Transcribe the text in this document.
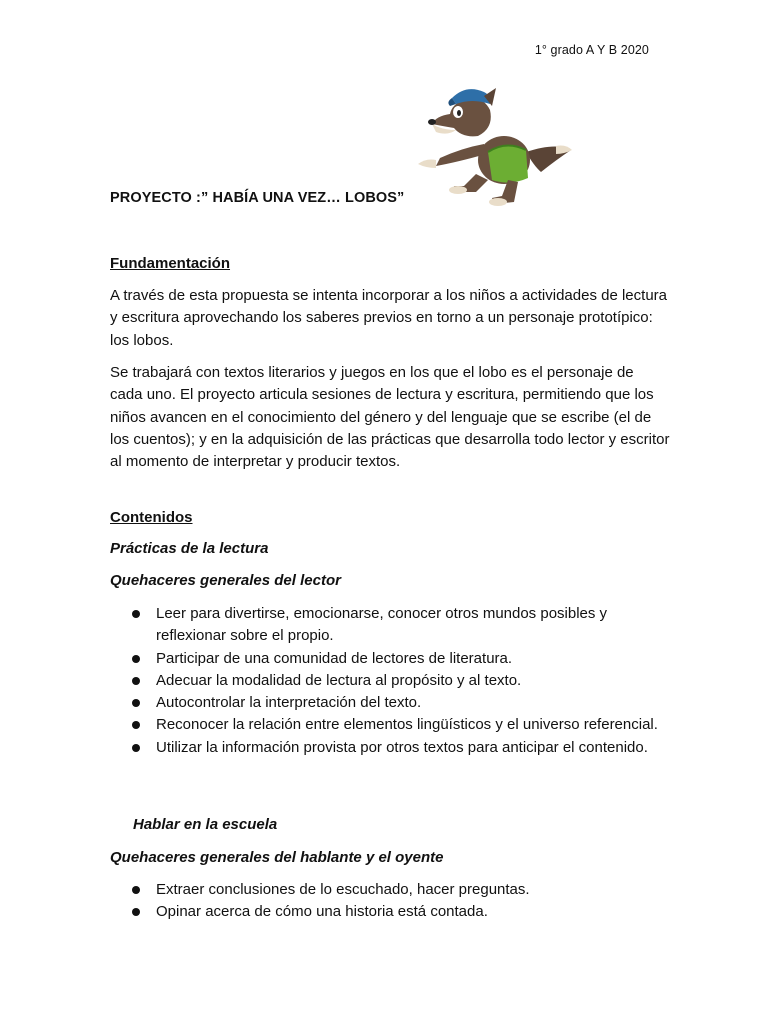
1° grado A Y B 2020
PROYECTO :” HABÍA UNA VEZ… LOBOS”
Fundamentación
A través de esta propuesta se intenta incorporar a los niños a actividades de lectura y escritura aprovechando los saberes previos en torno a un personaje prototípico: los lobos.
Se trabajará con textos literarios y juegos en los que el lobo es el personaje de cada uno. El proyecto articula sesiones de lectura y escritura, permitiendo que los niños avancen en el conocimiento del género y del lenguaje que se escribe (el de los cuentos); y en la adquisición de las prácticas que desarrolla todo lector y escritor al momento de interpretar y producir textos.
Contenidos
Prácticas de la lectura
Quehaceres generales del lector
Leer para divertirse, emocionarse, conocer otros mundos posibles y reflexionar sobre el propio.
Participar de una comunidad de lectores de literatura.
Adecuar la modalidad de lectura al propósito y al texto.
Autocontrolar la interpretación del texto.
Reconocer la relación entre elementos lingüísticos y el universo referencial.
Utilizar la información provista por otros textos para anticipar el contenido.
Hablar en la escuela
Quehaceres generales del hablante y el oyente
Extraer conclusiones de lo escuchado, hacer preguntas.
Opinar acerca de cómo una historia está contada.
